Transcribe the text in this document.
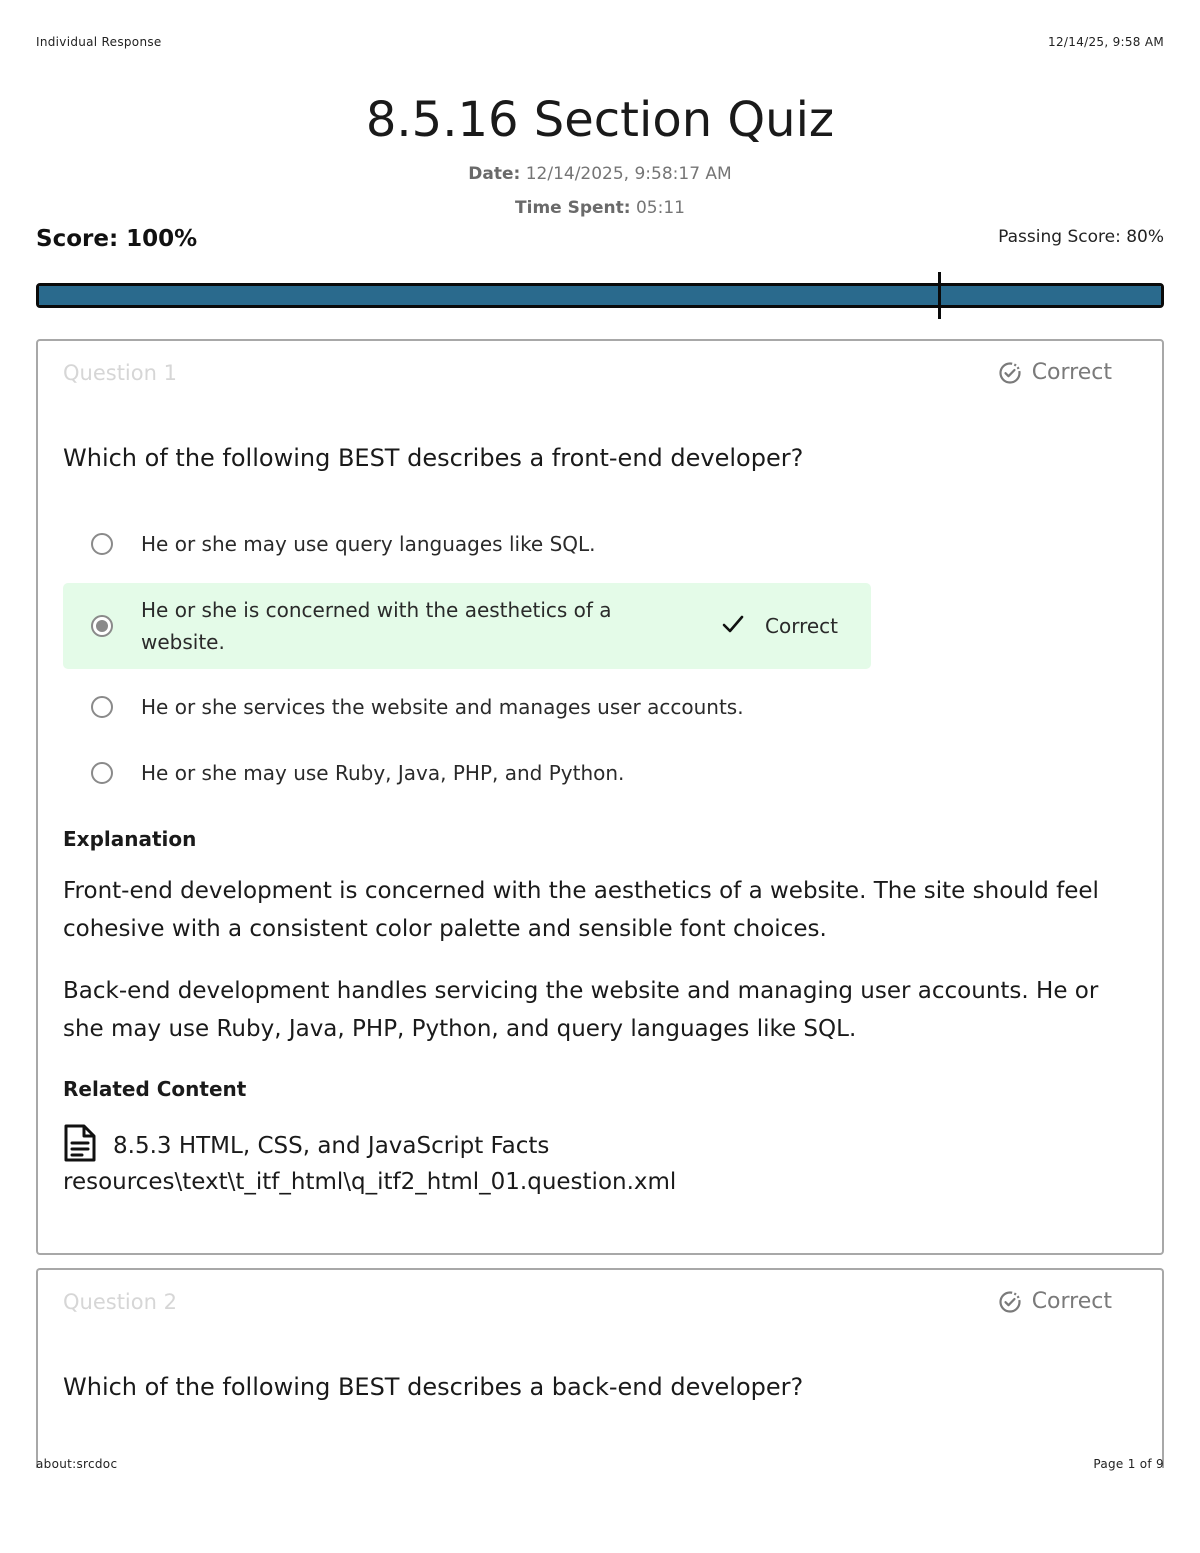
Individual Response	12/14/25, 9:58 AM
8.5.16 Section Quiz
Date: 12/14/2025, 9:58:17 AM
Time Spent: 05:11
Score: 100%	Passing Score: 80%
Question 1	Correct
Which of the following BEST describes a front-end developer?
He or she may use query languages like SQL.
He or she is concerned with the aesthetics of a website.
Correct
He or she services the website and manages user accounts.
He or she may use Ruby, Java, PHP, and Python.
Explanation

Front-end development is concerned with the aesthetics of a website. The site should feel cohesive with a consistent color palette and sensible font choices.

Back-end development handles servicing the website and managing user accounts. He or she may use Ruby, Java, PHP, Python, and query languages like SQL.

Related Content
8.5.3 HTML, CSS, and JavaScript Facts
resources\text\t_itf_html\q_itf2_html_01.question.xml
Question 2	Correct
Which of the following BEST describes a back-end developer?
about:srcdoc	Page 1 of 9
